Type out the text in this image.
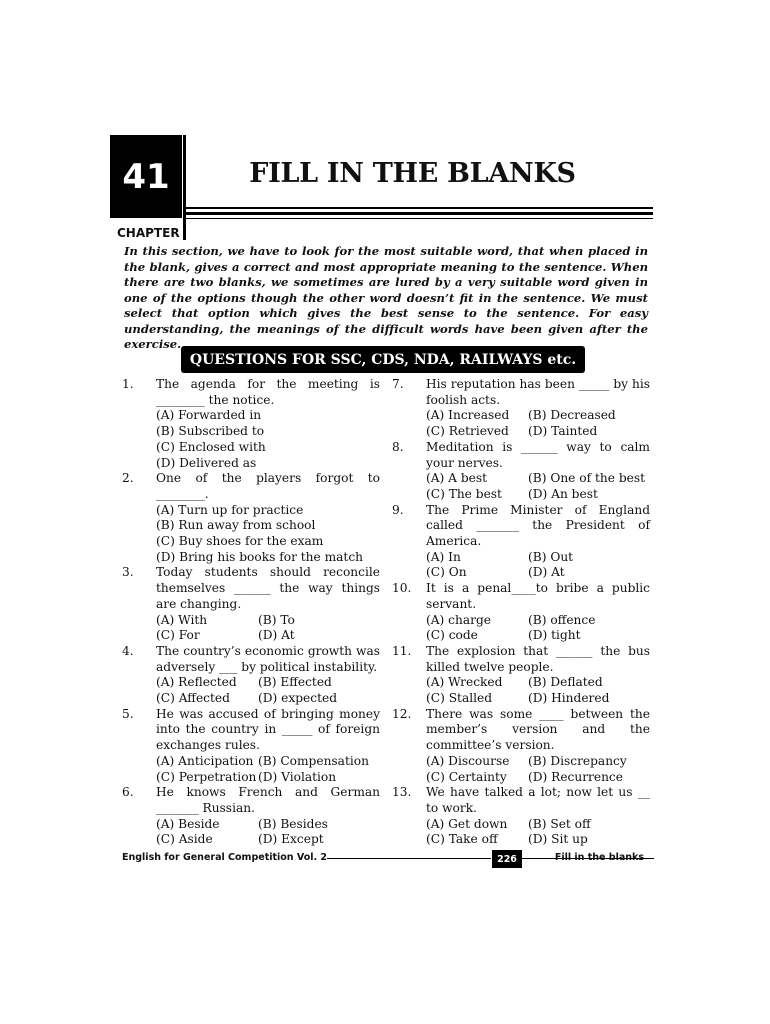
41	FILL IN THE BLANKS
CHAPTER

In this section, we have to look for the most suitable word, that when placed in the blank, gives a correct and most appropriate meaning to the sentence. When there are two blanks, we sometimes are lured by a very suitable word given in one of the options though the other word doesn’t fit in the sentence. We must select that option which gives the best sense to the sentence. For easy understanding, the meanings of the difficult words have been given after the exercise.

QUESTIONS FOR SSC, CDS, NDA, RAILWAYS etc.
1.	The agenda for the meeting is ________ the notice.
(A) Forwarded in
(B) Subscribed to
(C) Enclosed with
(D) Delivered as
2.	One of the players forgot to ________.
(A) Turn up for practice
(B) Run away from school
(C) Buy shoes for the exam
(D) Bring his books for the match
3.	Today students should reconcile themselves ______ the way things are changing.
(A) With	(B) To
(C) For	(D) At
4.	The country’s economic growth was adversely ___ by political instability.
(A) Reflected	(B) Effected
(C) Affected	(D) expected
5.	He was accused of bringing money into the country in _____ of foreign exchanges rules.
(A) Anticipation (B) Compensation
(C) Perpetration (D) Violation
6.	He knows French and German _______ Russian.
(A) Beside	(B) Besides
(C) Aside	(D) Except
7.	His reputation has been _____ by his foolish acts.
(A) Increased	(B) Decreased
(C) Retrieved	(D) Tainted
8.	Meditation is ______ way to calm your nerves.
(A) A best	(B) One of the best
(C) The best	(D) An best
9.	The Prime Minister of England called _______ the President of America.
(A) In	(B) Out
(C) On	(D) At
10.	It is a penal____to bribe a public servant.
(A) charge	(B) offence
(C) code	(D) tight
11.	The explosion that ______ the bus killed twelve people.
(A) Wrecked	(B) Deflated
(C) Stalled	(D) Hindered
12.	There was some ____ between the member’s version and the committee’s version.
(A) Discourse	(B) Discrepancy
(C) Certainty	(D) Recurrence
13.	We have talked a lot; now let us __ to work.
(A) Get down	(B) Set off
(C) Take off	(D) Sit up
English for General Competition Vol. 2	226	Fill in the blanks
